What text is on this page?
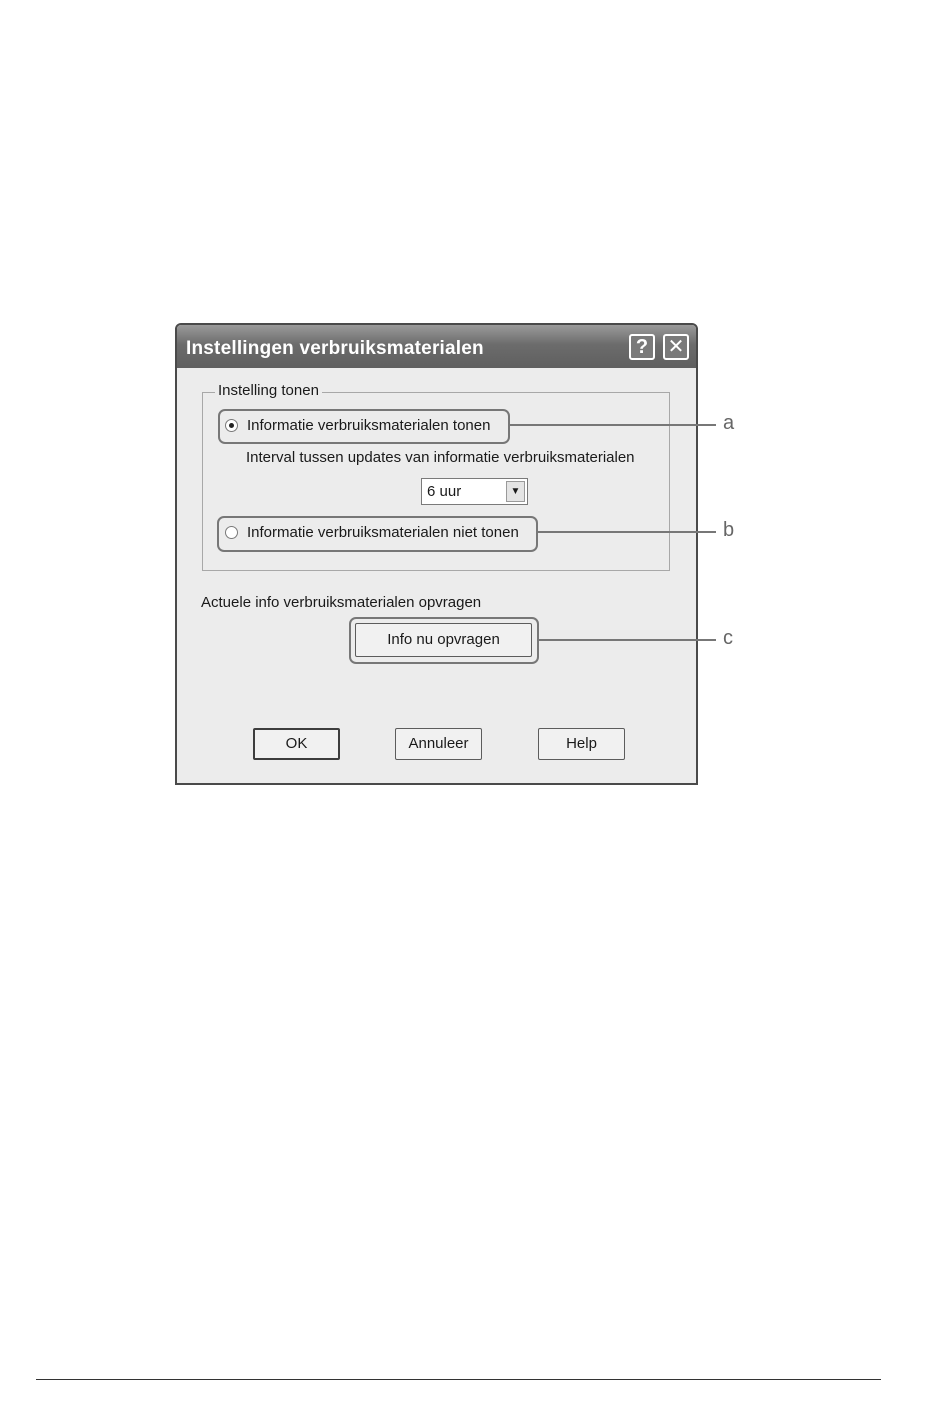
Instellingen verbruiksmaterialen	? ✕
Instelling tonen
Informatie verbruiksmaterialen tonen
Interval tussen updates van informatie verbruiksmaterialen
6 uur	▼
Informatie verbruiksmaterialen niet tonen
Actuele info verbruiksmaterialen opvragen
Info nu opvragen
OK	Annuleer	Help
a
b
c
